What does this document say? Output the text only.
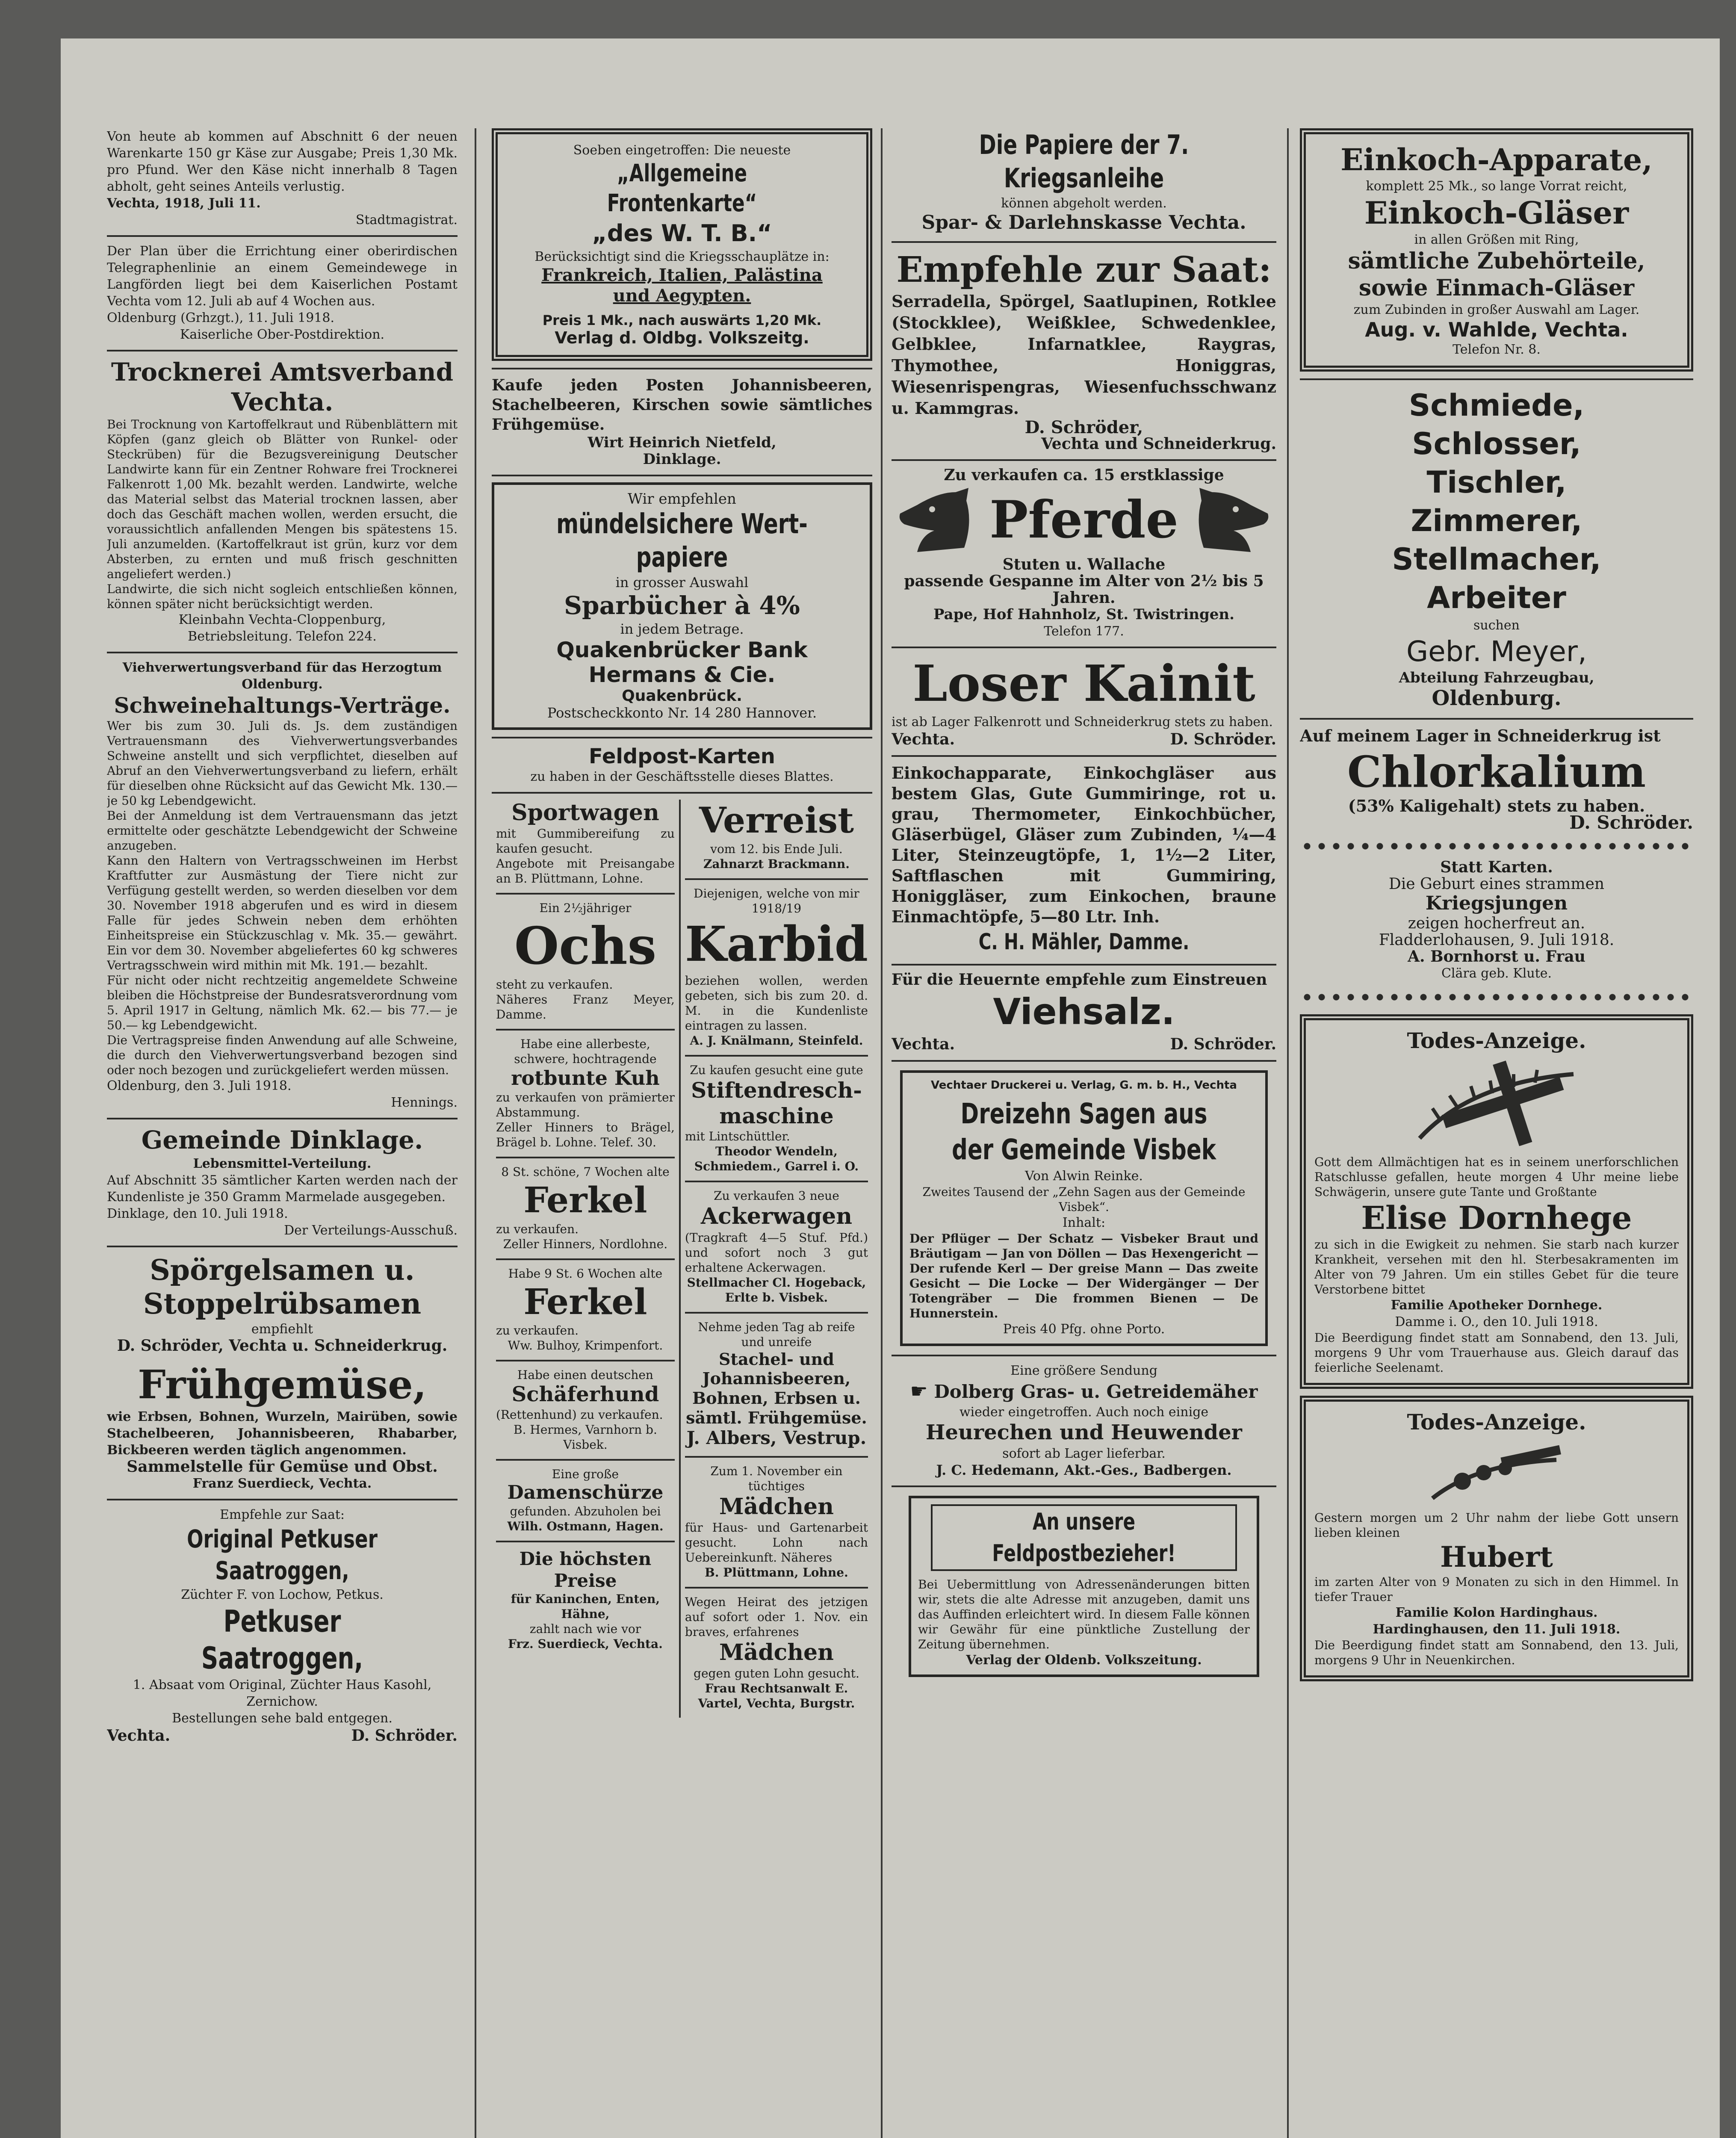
Von heute ab kommen auf Abschnitt 6 der neuen Warenkarte 150 gr Käse zur Ausgabe; Preis 1,30 Mk. pro Pfund. Wer den Käse nicht innerhalb 8 Tagen abholt, geht seines Anteils verlustig.

Vechta, 1918, Juli 11.

Stadtmagistrat.

Der Plan über die Errichtung einer oberirdischen Telegraphenlinie an einem Gemeindewege in Langförden liegt bei dem Kaiserlichen Postamt Vechta vom 12. Juli ab auf 4 Wochen aus.

Oldenburg (Grhzgt.), 11. Juli 1918.

Kaiserliche Ober-Postdirektion.

Trocknerei Amtsverband Vechta.

Bei Trocknung von Kartoffelkraut und Rübenblättern mit Köpfen (ganz gleich ob Blätter von Runkel- oder Steckrüben) für die Bezugsvereinigung Deutscher Landwirte kann für ein Zentner Rohware frei Trocknerei Falkenrott 1,00 Mk. bezahlt werden. Landwirte, welche das Material selbst das Material trocknen lassen, aber doch das Geschäft machen wollen, werden ersucht, die voraussichtlich anfallenden Mengen bis spätestens 15. Juli anzumelden. (Kartoffelkraut ist grün, kurz vor dem Absterben, zu ernten und muß frisch geschnitten angeliefert werden.)

Landwirte, die sich nicht sogleich entschließen können, können später nicht berücksichtigt werden.

Kleinbahn Vechta-Cloppenburg,

Betriebsleitung. Telefon 224.

Viehverwertungsverband für das Herzogtum Oldenburg.

Schweinehaltungs-Verträge.

Wer bis zum 30. Juli ds. Js. dem zuständigen Vertrauensmann des Viehverwertungsverbandes Schweine anstellt und sich verpflichtet, dieselben auf Abruf an den Viehverwertungsverband zu liefern, erhält für dieselben ohne Rücksicht auf das Gewicht Mk. 130.— je 50 kg Lebendgewicht.

Bei der Anmeldung ist dem Vertrauensmann das jetzt ermittelte oder geschätzte Lebendgewicht der Schweine anzugeben.

Kann den Haltern von Vertragsschweinen im Herbst Kraftfutter zur Ausmästung der Tiere nicht zur Verfügung gestellt werden, so werden dieselben vor dem 30. November 1918 abgerufen und es wird in diesem Falle für jedes Schwein neben dem erhöhten Einheitspreise ein Stückzuschlag v. Mk. 35.— gewährt. Ein vor dem 30. November abgeliefertes 60 kg schweres Vertragsschwein wird mithin mit Mk. 191.— bezahlt.

Für nicht oder nicht rechtzeitig angemeldete Schweine bleiben die Höchstpreise der Bundesratsverordnung vom 5. April 1917 in Geltung, nämlich Mk. 62.— bis 77.— je 50.— kg Lebendgewicht.

Die Vertragspreise finden Anwendung auf alle Schweine, die durch den Viehverwertungsverband bezogen sind oder noch bezogen und zurückgeliefert werden müssen.

Oldenburg, den 3. Juli 1918.

Hennings.

Gemeinde Dinklage.

Lebensmittel-Verteilung.

Auf Abschnitt 35 sämtlicher Karten werden nach der Kundenliste je 350 Gramm Marmelade ausgegeben.

Dinklage, den 10. Juli 1918.

Der Verteilungs-Ausschuß.

Spörgelsamen u.

Stoppelrübsamen

empfiehlt

D. Schröder, Vechta u. Schneiderkrug.

Frühgemüse,

wie Erbsen, Bohnen, Wurzeln, Mairüben, sowie Stachelbeeren, Johannisbeeren, Rhabarber, Bickbeeren werden täglich angenommen.

Sammelstelle für Gemüse und Obst.

Franz Suerdieck, Vechta.

Empfehle zur Saat:

Original Petkuser Saatroggen,

Züchter F. von Lochow, Petkus.

Petkuser Saatroggen,

1. Absaat vom Original, Züchter Haus Kasohl, Zernichow.

Bestellungen sehe bald entgegen.

Vechta.	D. Schröder.

Soeben eingetroffen: Die neueste

„Allgemeine Frontenkarte“

„des W. T. B.“

Berücksichtigt sind die Kriegsschauplätze in:

Frankreich, Italien, Palästina

und Aegypten.

Preis 1 Mk., nach auswärts 1,20 Mk.

Verlag d. Oldbg. Volkszeitg.

Kaufe jeden Posten Johannisbeeren, Stachelbeeren, Kirschen sowie sämtliches Frühgemüse.

Wirt Heinrich Nietfeld,

Dinklage.

Wir empfehlen

mündelsichere Wert-

papiere

in grosser Auswahl

Sparbücher à 4%

in jedem Betrage.

Quakenbrücker Bank

Hermans & Cie.

Quakenbrück.

Postscheckkonto Nr. 14 280 Hannover.

Feldpost-Karten

zu haben in der Geschäftsstelle dieses Blattes.

Sportwagen

mit Gummibereifung zu kaufen gesucht.

Angebote mit Preisangabe an B. Plüttmann, Lohne.

Ein 2½jähriger

Ochs

steht zu verkaufen.

Näheres Franz Meyer, Damme.

Habe eine allerbeste, schwere, hochtragende

rotbunte Kuh

zu verkaufen von prämierter Abstammung.

Zeller Hinners to Brägel, Brägel b. Lohne. Telef. 30.

8 St. schöne, 7 Wochen alte

Ferkel

zu verkaufen.

Zeller Hinners, Nordlohne.

Habe 9 St. 6 Wochen alte

Ferkel

zu verkaufen.

Ww. Bulhoy, Krimpenfort.

Habe einen deutschen

Schäferhund

(Rettenhund) zu verkaufen.

B. Hermes, Varnhorn b. Visbek.

Eine große

Damenschürze

gefunden. Abzuholen bei

Wilh. Ostmann, Hagen.

Die höchsten Preise

für Kaninchen, Enten, Hähne,

zahlt nach wie vor

Frz. Suerdieck, Vechta.

Verreist

vom 12. bis Ende Juli.

Zahnarzt Brackmann.

Diejenigen, welche von mir 1918/19

Karbid

beziehen wollen, werden gebeten, sich bis zum 20. d. M. in die Kundenliste eintragen zu lassen.

A. J. Knälmann, Steinfeld.

Zu kaufen gesucht eine gute

Stiftendresch-maschine

mit Lintschüttler.

Theodor Wendeln, Schmiedem., Garrel i. O.

Zu verkaufen 3 neue

Ackerwagen

(Tragkraft 4—5 Stuf. Pfd.) und sofort noch 3 gut erhaltene Ackerwagen.

Stellmacher Cl. Hogeback, Erlte b. Visbek.

Nehme jeden Tag ab reife und unreife

Stachel- und Johannisbeeren, Bohnen, Erbsen u. sämtl. Frühgemüse.

J. Albers, Vestrup.

Zum 1. November ein tüchtiges

Mädchen

für Haus- und Gartenarbeit gesucht. Lohn nach Uebereinkunft. Näheres

B. Plüttmann, Lohne.

Wegen Heirat des jetzigen auf sofort oder 1. Nov. ein braves, erfahrenes

Mädchen

gegen guten Lohn gesucht.

Frau Rechtsanwalt E. Vartel, Vechta, Burgstr.

Die Papiere der 7. Kriegsanleihe

können abgeholt werden.

Spar- & Darlehnskasse Vechta.

Empfehle zur Saat:

Serradella, Spörgel, Saatlupinen, Rotklee (Stockklee), Weißklee, Schwedenklee, Gelbklee, Infarnatklee, Raygras, Thymothee, Honiggras, Wiesenrispengras, Wiesenfuchsschwanz u. Kammgras.

D. Schröder,

Vechta und Schneiderkrug.

Zu verkaufen ca. 15 erstklassige

Pferde

Stuten u. Wallache

passende Gespanne im Alter von 2½ bis 5 Jahren.

Pape, Hof Hahnholz, St. Twistringen.

Telefon 177.

Loser Kainit

ist ab Lager Falkenrott und Schneiderkrug stets zu haben.

Vechta.	D. Schröder.

Einkochapparate, Einkochgläser aus bestem Glas, Gute Gummiringe, rot u. grau, Thermometer, Einkochbücher, Gläserbügel, Gläser zum Zubinden, ¼—4 Liter, Steinzeugtöpfe, 1, 1½—2 Liter, Saftflaschen mit Gummiring, Honiggläser, zum Einkochen, braune Einmachtöpfe, 5—80 Ltr. Inh.

C. H. Mähler, Damme.

Für die Heuernte empfehle zum Einstreuen

Viehsalz.

Vechta.	D. Schröder.

Vechtaer Druckerei u. Verlag, G. m. b. H., Vechta

Dreizehn Sagen aus

der Gemeinde Visbek

Von Alwin Reinke.

Zweites Tausend der „Zehn Sagen aus der Gemeinde Visbek“.

Inhalt:

Der Pflüger — Der Schatz — Visbeker Braut und Bräutigam — Jan von Döllen — Das Hexengericht — Der rufende Kerl — Der greise Mann — Das zweite Gesicht — Die Locke — Der Widergänger — Der Totengräber — Die frommen Bienen — De Hunnerstein.

Preis 40 Pfg. ohne Porto.

Eine größere Sendung

☛ Dolberg Gras- u. Getreidemäher

wieder eingetroffen. Auch noch einige

Heurechen und Heuwender

sofort ab Lager lieferbar.

J. C. Hedemann, Akt.-Ges., Badbergen.

An unsere Feldpostbezieher!

Bei Uebermittlung von Adressenänderungen bitten wir, stets die alte Adresse mit anzugeben, damit uns das Auffinden erleichtert wird. In diesem Falle können wir Gewähr für eine pünktliche Zustellung der Zeitung übernehmen.

Verlag der Oldenb. Volkszeitung.

Einkoch-Apparate,

komplett 25 Mk., so lange Vorrat reicht,

Einkoch-Gläser

in allen Größen mit Ring,

sämtliche Zubehörteile,

sowie Einmach-Gläser

zum Zubinden in großer Auswahl am Lager.

Aug. v. Wahlde, Vechta.

Telefon Nr. 8.

Schmiede,

Schlosser,

Tischler,

Zimmerer,

Stellmacher,

Arbeiter

suchen

Gebr. Meyer,

Abteilung Fahrzeugbau,

Oldenburg.

Auf meinem Lager in Schneiderkrug ist

Chlorkalium

(53% Kaligehalt) stets zu haben.

D. Schröder.

Statt Karten.

Die Geburt eines strammen

Kriegsjungen

zeigen hocherfreut an.

Fladderlohausen, 9. Juli 1918.

A. Bornhorst u. Frau

Clära geb. Klute.

Todes-Anzeige.

Gott dem Allmächtigen hat es in seinem unerforschlichen Ratschlusse gefallen, heute morgen 4 Uhr meine liebe Schwägerin, unsere gute Tante und Großtante

Elise Dornhege

zu sich in die Ewigkeit zu nehmen. Sie starb nach kurzer Krankheit, versehen mit den hl. Sterbesakramenten im Alter von 79 Jahren. Um ein stilles Gebet für die teure Verstorbene bittet

Familie Apotheker Dornhege.

Damme i. O., den 10. Juli 1918.

Die Beerdigung findet statt am Sonnabend, den 13. Juli, morgens 9 Uhr vom Trauerhause aus. Gleich darauf das feierliche Seelenamt.

Todes-Anzeige.

Gestern morgen um 2 Uhr nahm der liebe Gott unsern lieben kleinen

Hubert

im zarten Alter von 9 Monaten zu sich in den Himmel. In tiefer Trauer

Familie Kolon Hardinghaus.

Hardinghausen, den 11. Juli 1918.

Die Beerdigung findet statt am Sonnabend, den 13. Juli, morgens 9 Uhr in Neuenkirchen.
